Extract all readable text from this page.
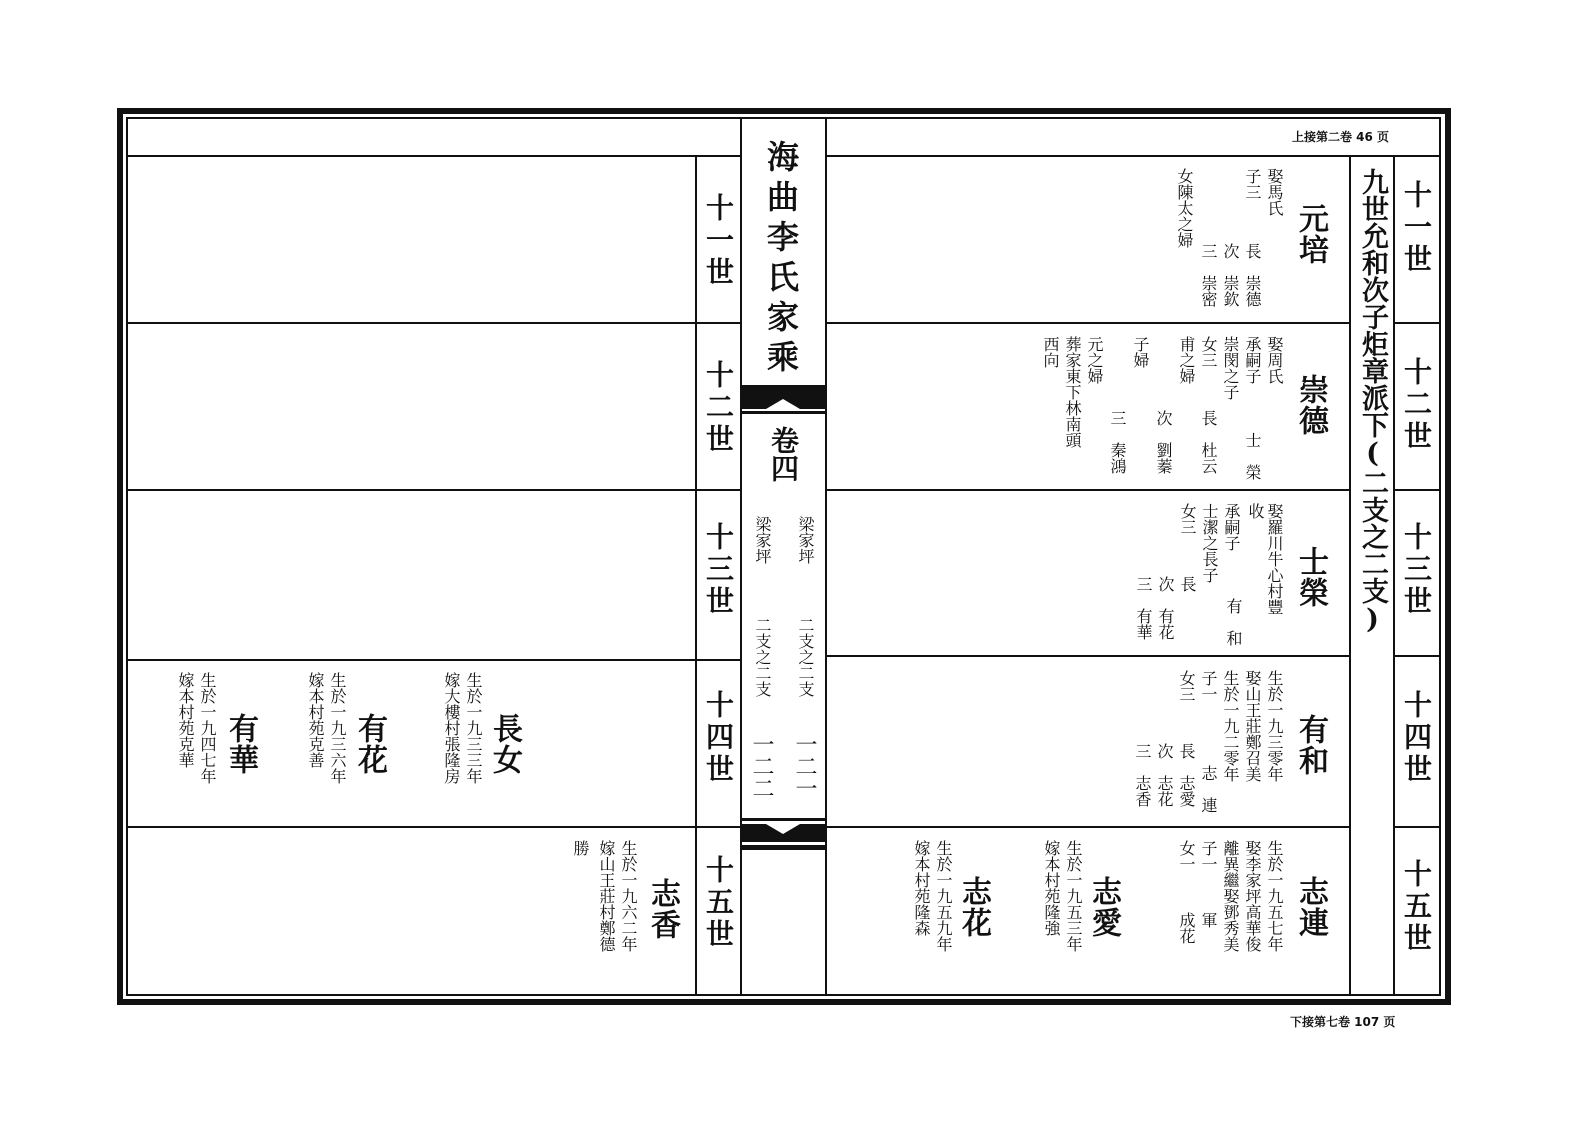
海曲李氏家乘
卷四
梁家坪
梁家坪
二支之二支
二支之二支
一二一
一二二
上接第二卷 46 页
下接第七卷 107 页
九世允和次子炬章派下(二支之二支) 十一世
十二世
十三世
十四世
十五世
十一世
十二世
十三世
十四世
十五世
元培
娶馬氏
子三
女陳太之婦
長　崇德
次　崇欽
三　崇密
崇德
娶周氏
承嗣子
崇閔之子
女三
甫之婦
子婦
元之婦
葬家東下林南頭
西向
士　榮
長　杜云
次　劉蓁
三　秦鴻
士榮
娶羅川牛心村豐
收
承嗣子
士潔之長子
女三
有　和
長　
次　有花
三　有華
有和
生於一九三零年
娶山王莊鄭召美
生於一九二零年
子一
女三
志　連
長　志愛
次　志花
三　志香
志連
生於一九五七年
娶李家坪高華俊
離異繼娶鄧秀美
子一
女一
軍
成花
志愛
生於一九五三年
嫁本村苑隆強
志花
生於一九五九年
嫁本村苑隆森
長女
生於一九三三年
嫁大樓村張隆房
有花
生於一九三六年
嫁本村苑克善
有華
生於一九四七年
嫁本村苑克華
志香
生於一九六二年
嫁山王莊村鄭德
勝
